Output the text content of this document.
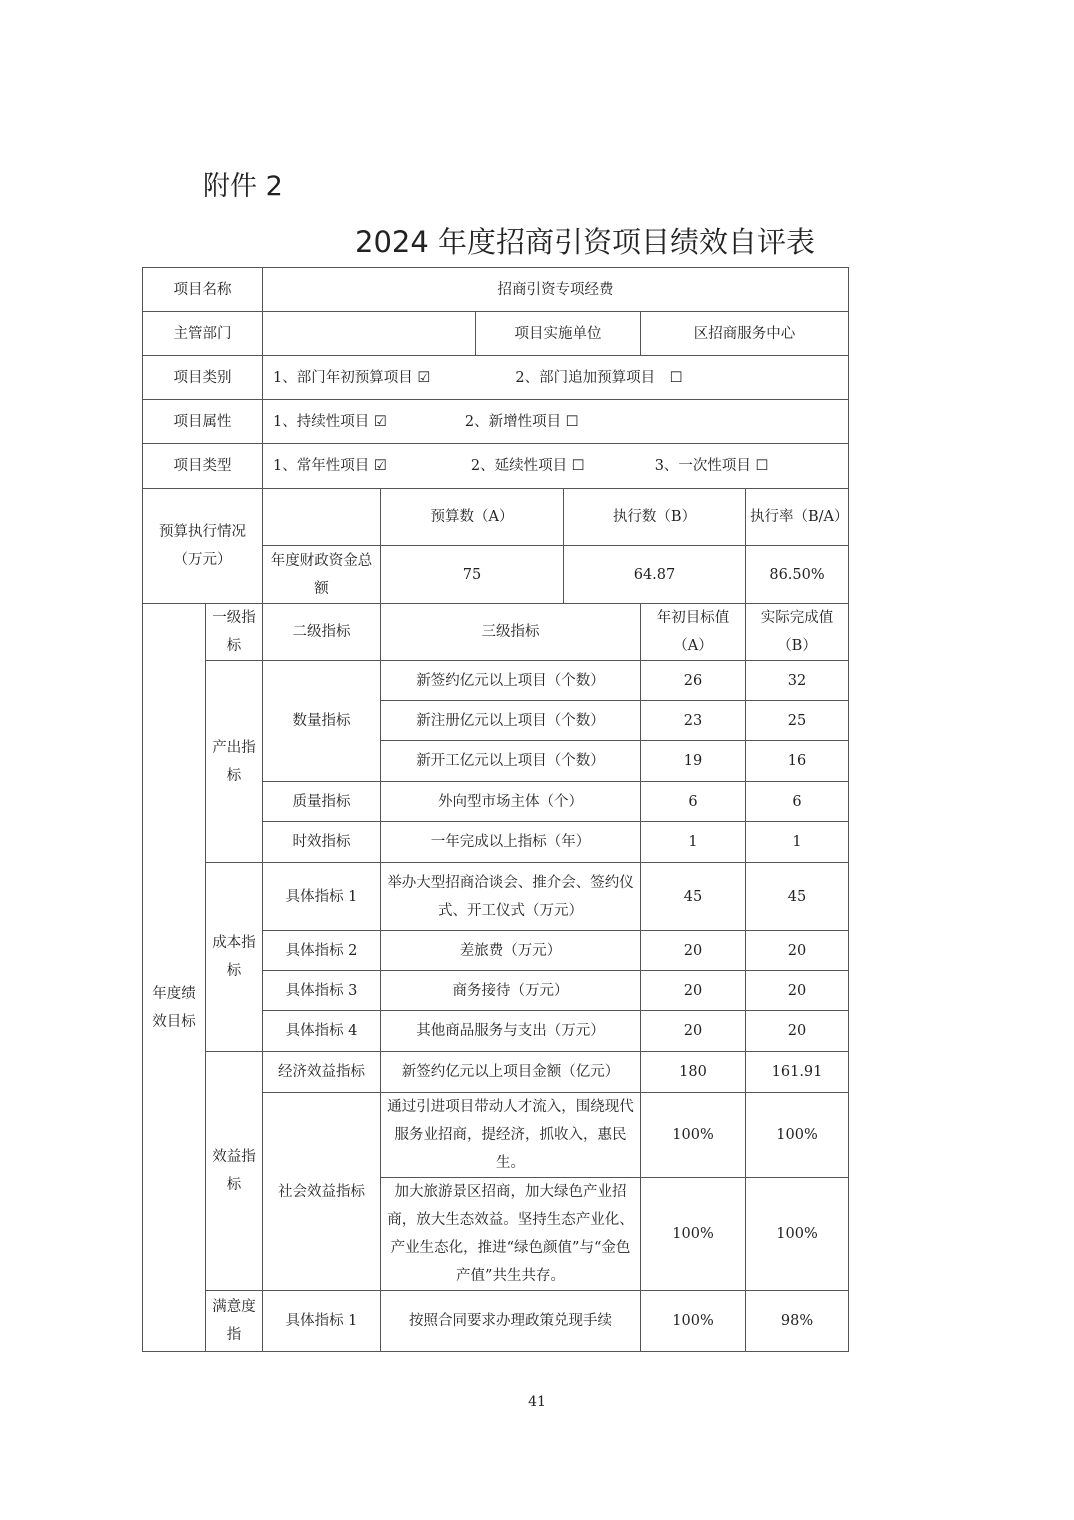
附件 2
2024 年度招商引资项目绩效自评表
项目名称		招商引资专项经费					
主管部门				项目实施单位		区招商服务中心	
项目类别		1、部门年初预算项目 ☑ 2、部门追加预算项目　☐					
项目属性		1、持续性项目 ☑ 2、新增性项目 ☐					
项目类型		1、常年性项目 ☑ 2、延续性项目 ☐ 3、一次性项目 ☐					
预算执行情况（万元）			预算数（A）		执行数（B）		执行率（B/A）
		年度财政资金总额	75		64.87		86.50%
年度绩效目标	一级指标	二级指标	三级指标			年初目标值（A）	实际完成值（B）
	产出指标	数量指标	新签约亿元以上项目（个数）			26	32
			新注册亿元以上项目（个数）			23	25
			新开工亿元以上项目（个数）			19	16
		质量指标	外向型市场主体（个）			6	6
		时效指标	一年完成以上指标（年）			1	1
	成本指标	具体指标 1	举办大型招商洽谈会、推介会、签约仪式、开工仪式（万元）			45	45
		具体指标 2	差旅费（万元）			20	20
		具体指标 3	商务接待（万元）			20	20
		具体指标 4	其他商品服务与支出（万元）			20	20
	效益指标	经济效益指标	新签约亿元以上项目金额（亿元）			180	161.91
		社会效益指标	通过引进项目带动人才流入，围绕现代服务业招商，提经济，抓收入，惠民生。			100%	100%
			加大旅游景区招商，加大绿色产业招商，放大生态效益。坚持生态产业化、产业生态化，推进“绿色颜值”与“金色产值”共生共存。			100%	100%
	满意度指	具体指标 1	按照合同要求办理政策兑现手续			100%	98%
41
